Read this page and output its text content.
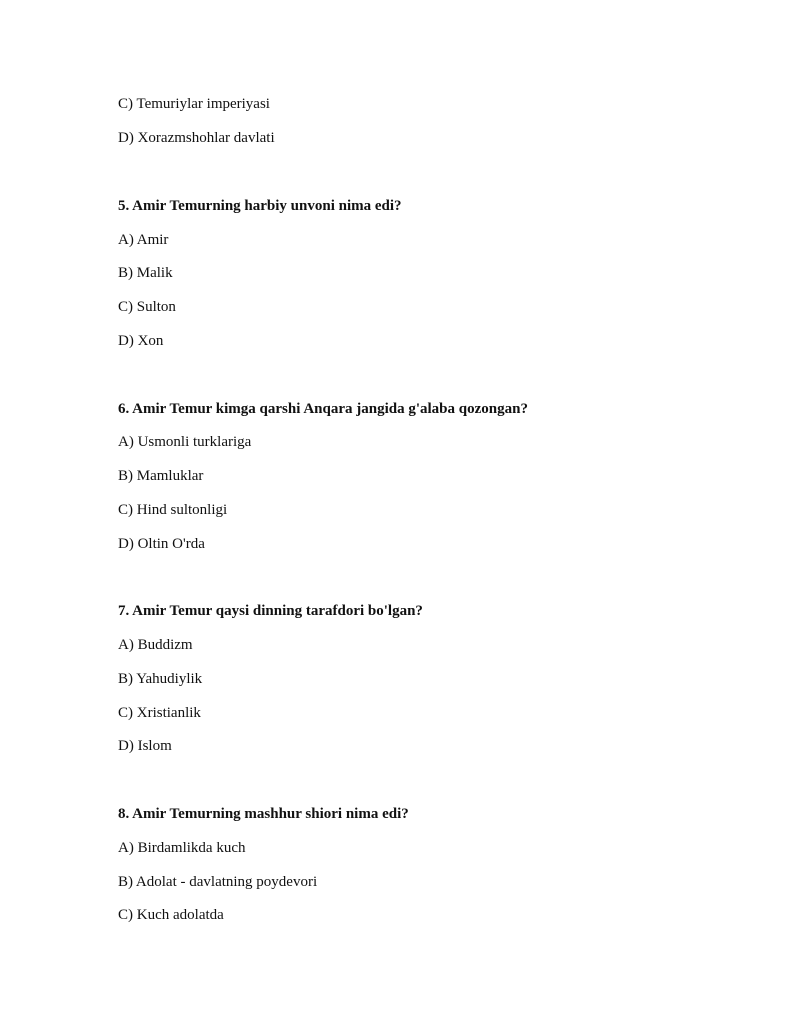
C) Temuriylar imperiyasi
D) Xorazmshohlar davlati
5. Amir Temurning harbiy unvoni nima edi?
A) Amir
B) Malik
C) Sulton
D) Xon
6. Amir Temur kimga qarshi Anqara jangida g'alaba qozongan?
A) Usmonli turklariga
B) Mamluklar
C) Hind sultonligi
D) Oltin O'rda
7. Amir Temur qaysi dinning tarafdori bo'lgan?
A) Buddizm
B) Yahudiylik
C) Xristianlik
D) Islom
8. Amir Temurning mashhur shiori nima edi?
A) Birdamlikda kuch
B) Adolat - davlatning poydevori
C) Kuch adolatda
